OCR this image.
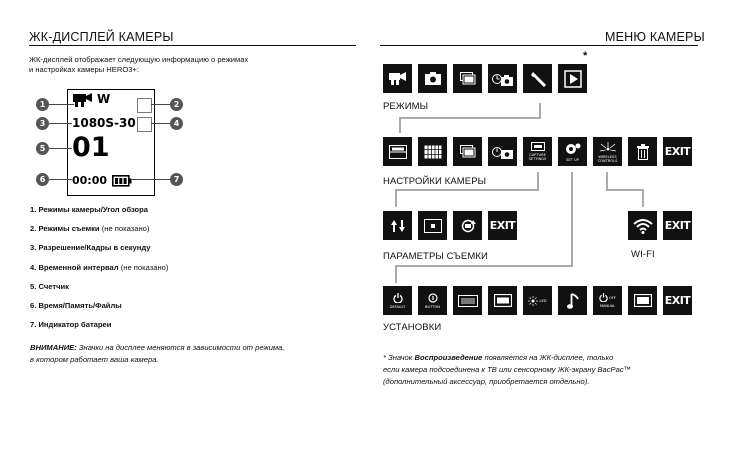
ЖК-ДИСПЛЕЙ КАМЕРЫ
ЖК-дисплей отображает следующую информацию о режимах
и настройках камеры HERO3+:
W
1080S-30
01
00:00
1	2
3	4
5
6	7
1. Режимы камеры/Угол обзора
2. Режимы съемки (не показано)
3. Разрешение/Кадры в секунду
4. Временной интервал (не показано)
5. Счетчик
6. Время/Память/Файлы
7. Индикатор батареи
ВНИМАНИЕ: Значки на дисплее меняются в зависимости от режима,
в котором работает ваша камера.
МЕНЮ КАМЕРЫ
*
РЕЖИМЫ
CAPTURE SETTINGS	SET UP
WIRELESS CONTROLS
EXIT
НАСТРОЙКИ КАМЕРЫ
EXIT
ПАРАМЕТРЫ СЪЕМКИ
EXIT
WI-FI
DEFAULT	BUTTON
LED
OFF
MANUAL	EXIT
УСТАНОВКИ
* Значок Воспроизведение появляется на ЖК-дисплее, только
если камера подсоединена к ТВ или сенсорному ЖК-экрану BacPac™
(дополнительный аксессуар, приобретается отдельно).
